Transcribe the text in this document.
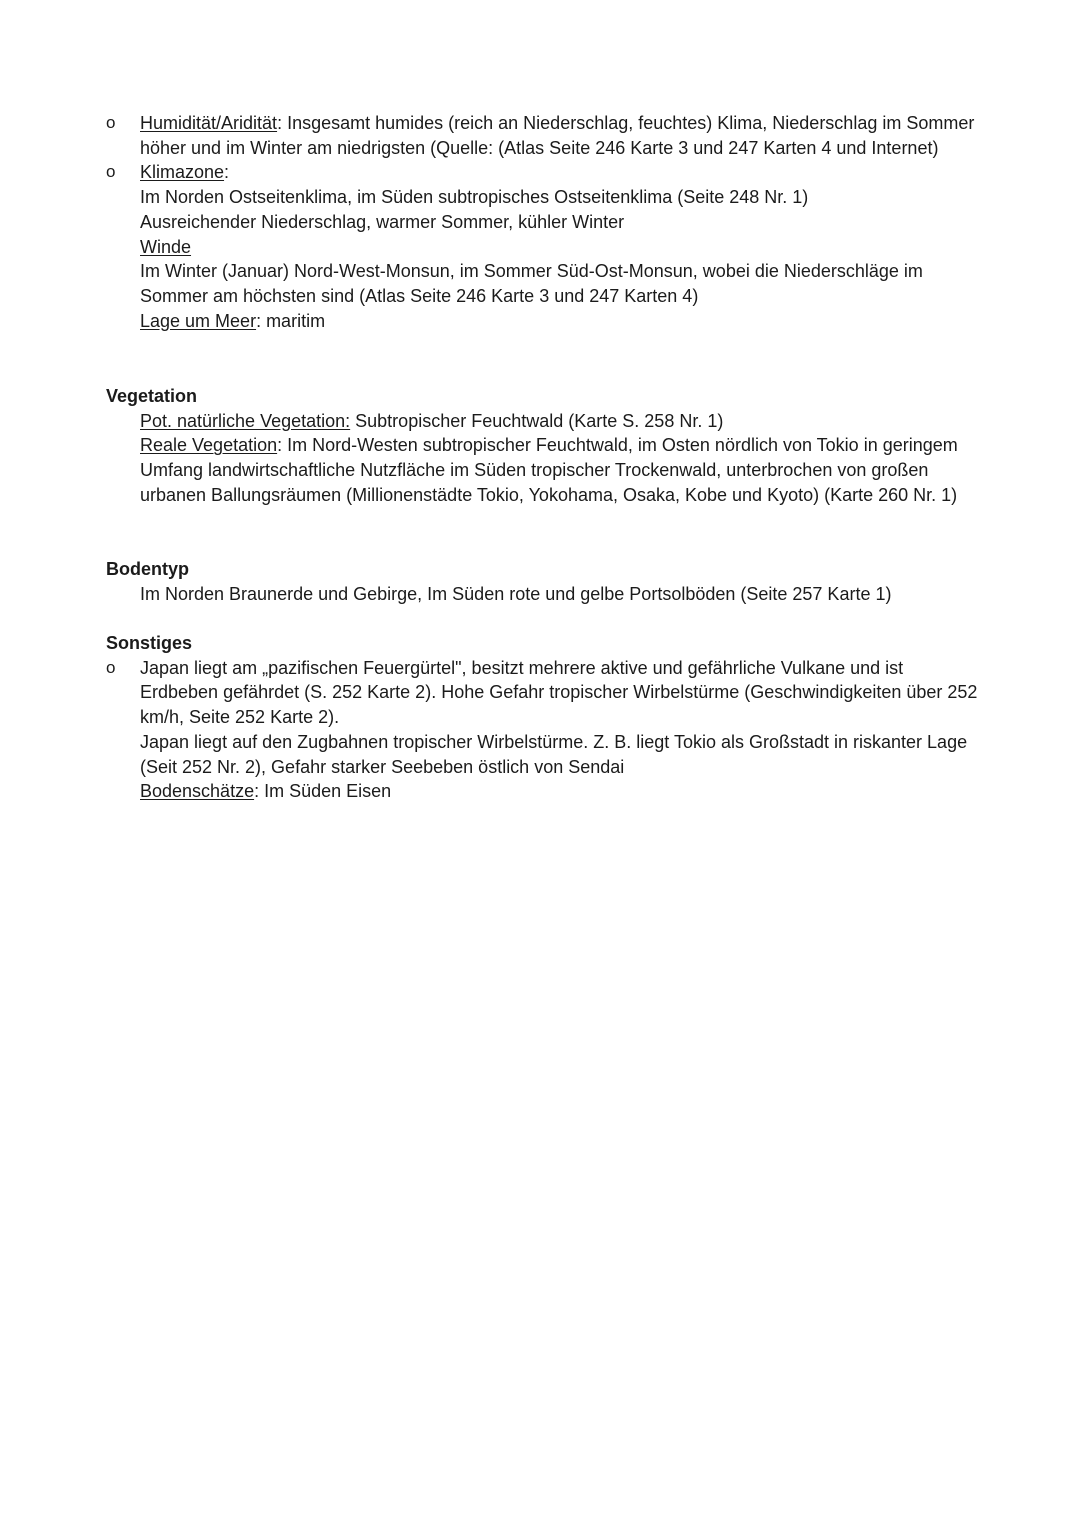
o	Humidität/Aridität: Insgesamt humides (reich an Niederschlag, feuchtes) Klima, Niederschlag im Sommer höher und im Winter am niedrigsten (Quelle: (Atlas Seite 246 Karte 3 und 247 Karten 4 und Internet)

o	Klimazone:

Im Norden Ostseitenklima, im Süden subtropisches Ostseitenklima (Seite 248 Nr. 1)

Ausreichender Niederschlag, warmer Sommer, kühler Winter

Winde

Im Winter (Januar) Nord-West-Monsun, im Sommer Süd-Ost-Monsun, wobei die Niederschläge im Sommer am höchsten sind (Atlas Seite 246 Karte 3 und 247 Karten 4)

Lage um Meer: maritim

Vegetation

Pot. natürliche Vegetation: Subtropischer Feuchtwald (Karte S. 258 Nr. 1)

Reale Vegetation: Im Nord-Westen subtropischer Feuchtwald, im Osten nördlich von Tokio in geringem Umfang landwirtschaftliche Nutzfläche im Süden tropischer Trockenwald, unterbrochen von großen urbanen Ballungsräumen (Millionenstädte Tokio, Yokohama, Osaka, Kobe und Kyoto) (Karte 260 Nr. 1)

Bodentyp

Im Norden Braunerde und Gebirge, Im Süden rote und gelbe Portsolböden (Seite 257 Karte 1)

Sonstiges

o	Japan liegt am „pazifischen Feuergürtel", besitzt mehrere aktive und gefährliche Vulkane und ist Erdbeben gefährdet (S. 252 Karte 2). Hohe Gefahr tropischer Wirbelstürme (Geschwindigkeiten über 252 km/h, Seite 252 Karte 2).

Japan liegt auf den Zugbahnen tropischer Wirbelstürme. Z. B. liegt Tokio als Großstadt in riskanter Lage (Seit 252 Nr. 2), Gefahr starker Seebeben östlich von Sendai

Bodenschätze: Im Süden Eisen
